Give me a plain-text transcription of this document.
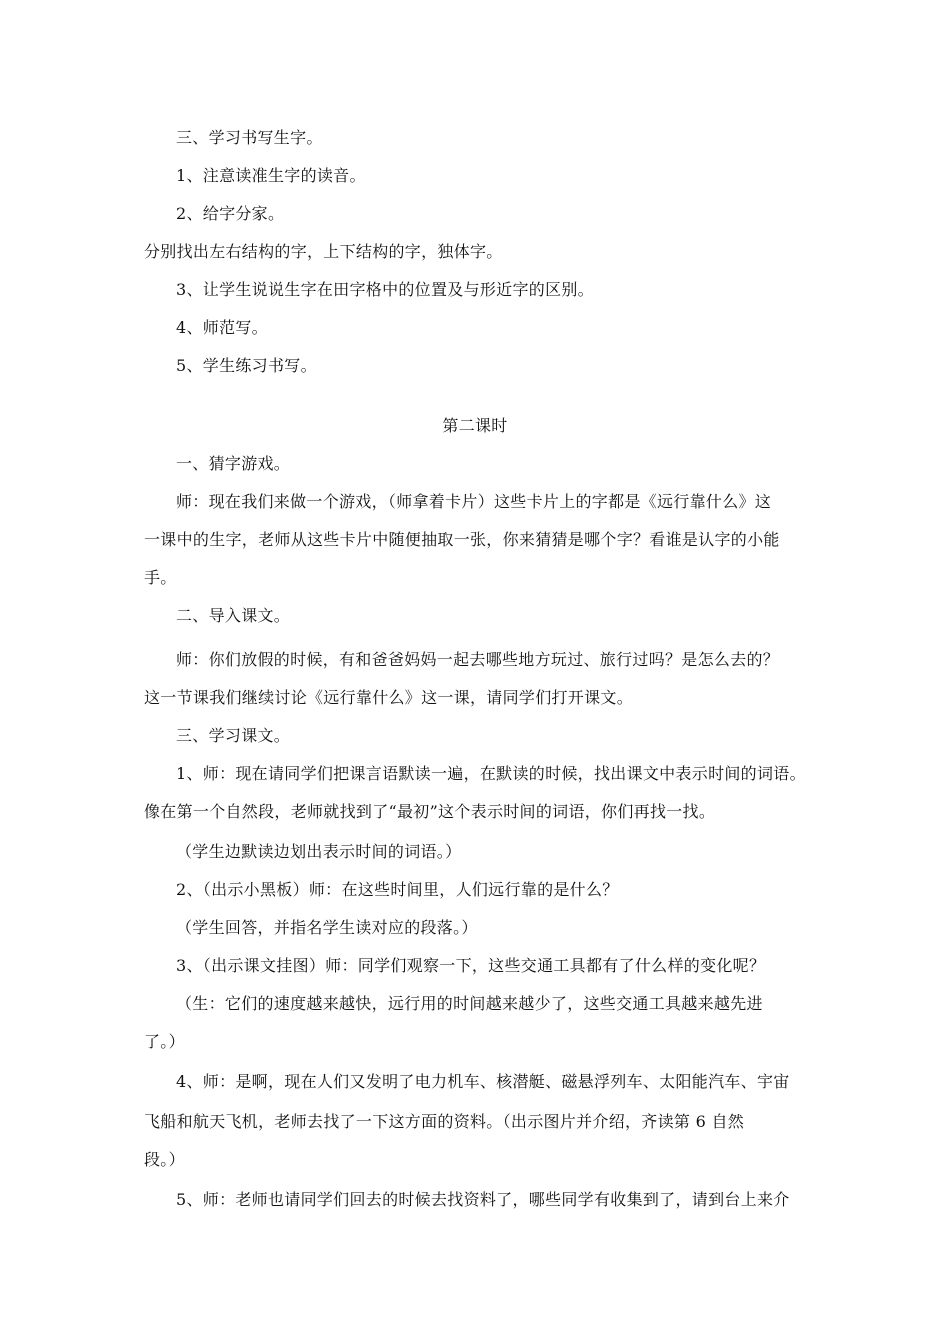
三、学习书写生字。
1、注意读准生字的读音。
2、给字分家。
分别找出左右结构的字，上下结构的字，独体字。
3、让学生说说生字在田字格中的位置及与形近字的区别。
4、师范写。
5、学生练习书写。
第二课时
一、猜字游戏。
师：现在我们来做一个游戏，（师拿着卡片）这些卡片上的字都是《远行靠什么》这
一课中的生字，老师从这些卡片中随便抽取一张，你来猜猜是哪个字？看谁是认字的小能
手。
二、导入课文。
师：你们放假的时候，有和爸爸妈妈一起去哪些地方玩过、旅行过吗？是怎么去的？
这一节课我们继续讨论《远行靠什么》这一课，请同学们打开课文。
三、学习课文。
1、师：现在请同学们把课言语默读一遍，在默读的时候，找出课文中表示时间的词语。
像在第一个自然段，老师就找到了“最初”这个表示时间的词语，你们再找一找。
（学生边默读边划出表示时间的词语。）
2、（出示小黑板）师：在这些时间里，人们远行靠的是什么？
（学生回答，并指名学生读对应的段落。）
3、（出示课文挂图）师：同学们观察一下，这些交通工具都有了什么样的变化呢？
（生：它们的速度越来越快，远行用的时间越来越少了，这些交通工具越来越先进
了。）
4、师：是啊，现在人们又发明了电力机车、核潜艇、磁悬浮列车、太阳能汽车、宇宙
飞船和航天飞机，老师去找了一下这方面的资料。（出示图片并介绍，齐读第 6 自然
段。）
5、师：老师也请同学们回去的时候去找资料了，哪些同学有收集到了，请到台上来介
